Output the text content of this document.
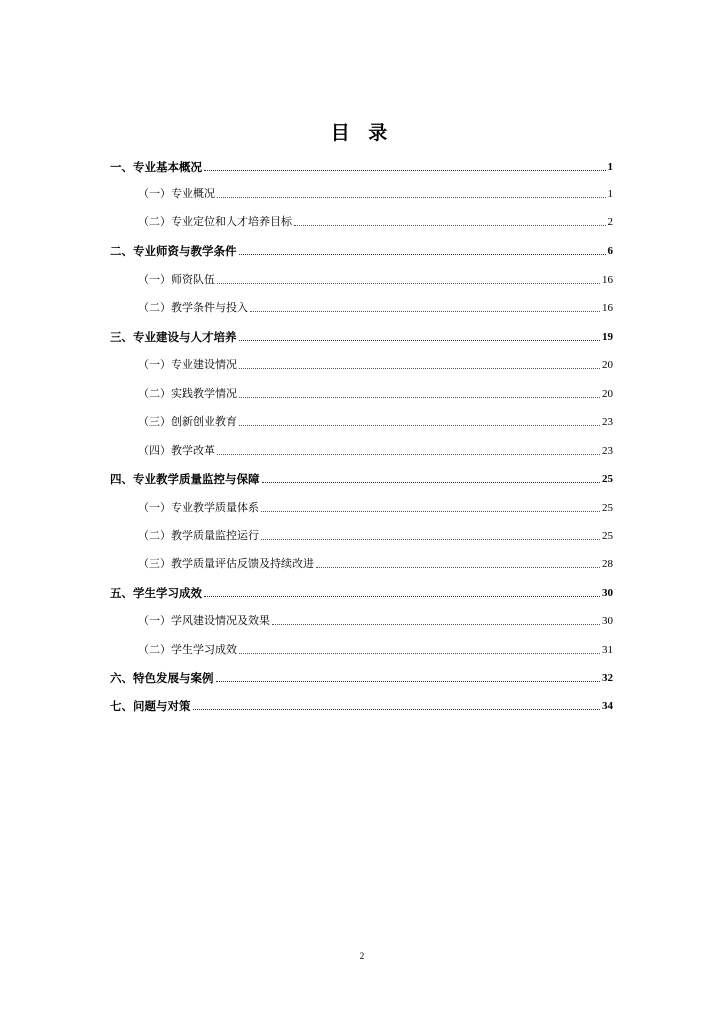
目 录
一、专业基本概况	1
（一）专业概况	1
（二）专业定位和人才培养目标	2
二、专业师资与教学条件	6
（一）师资队伍	16
（二）教学条件与投入	16
三、专业建设与人才培养	19
（一）专业建设情况	20
（二）实践教学情况	20
（三）创新创业教育	23
（四）教学改革	23
四、专业教学质量监控与保障	25
（一）专业教学质量体系	25
（二）教学质量监控运行	25
（三）教学质量评估反馈及持续改进	28
五、学生学习成效	30
（一）学风建设情况及效果	30
（二）学生学习成效	31
六、特色发展与案例	32
七、问题与对策	34
2
